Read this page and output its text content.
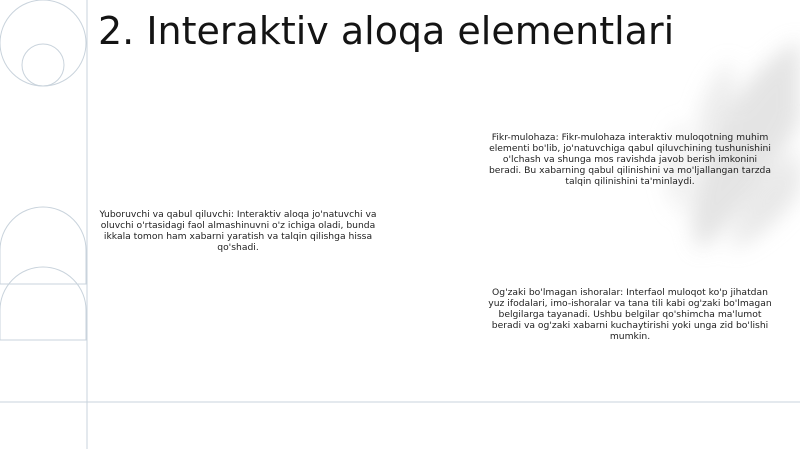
2. Interaktiv aloqa elementlari
Yuboruvchi va qabul qiluvchi: Interaktiv aloqa jo'natuvchi va oluvchi o'rtasidagi faol almashinuvni o'z ichiga oladi, bunda ikkala tomon ham xabarni yaratish va talqin qilishga hissa qo'shadi.
Fikr-mulohaza: Fikr-mulohaza interaktiv muloqotning muhim elementi bo'lib, jo'natuvchiga qabul qiluvchining tushunishini o'lchash va shunga mos ravishda javob berish imkonini beradi. Bu xabarning qabul qilinishini va mo'ljallangan tarzda talqin qilinishini ta'minlaydi.
Og'zaki bo'lmagan ishoralar: Interfaol muloqot ko'p jihatdan yuz ifodalari, imo-ishoralar va tana tili kabi og'zaki bo'lmagan belgilarga tayanadi. Ushbu belgilar qo'shimcha ma'lumot beradi va og'zaki xabarni kuchaytirishi yoki unga zid bo'lishi mumkin.
